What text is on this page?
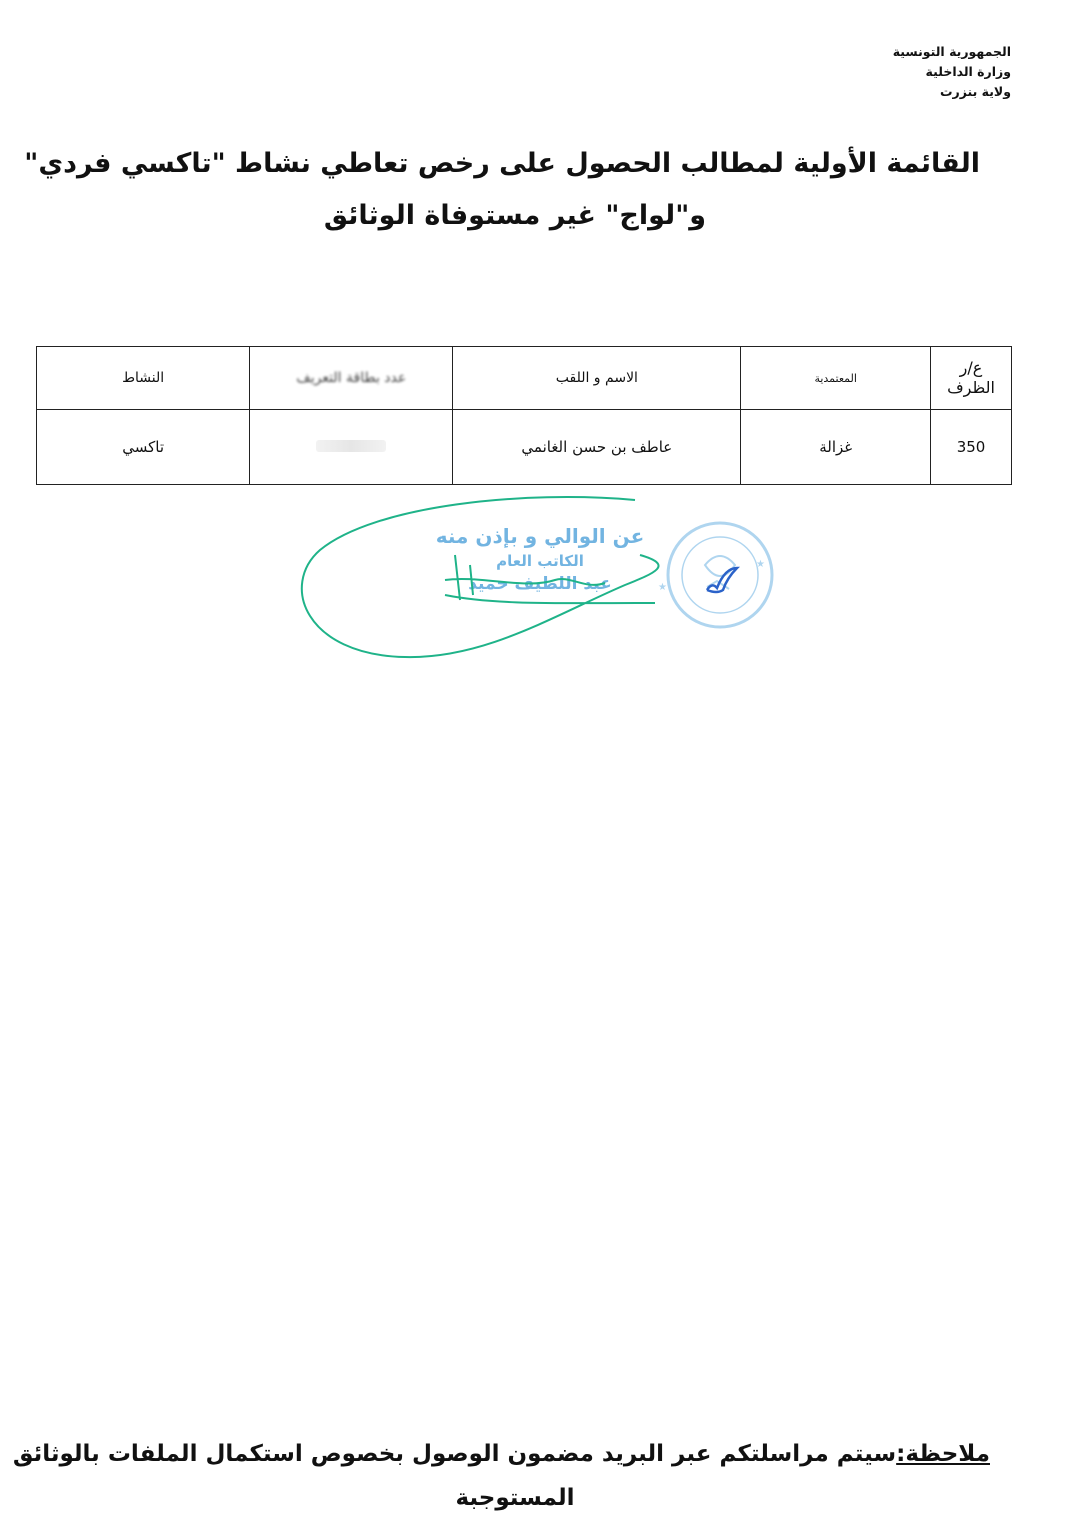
الجمهورية التونسية
وزارة الداخلية
ولاية بنزرت
القائمة الأولية لمطالب الحصول على رخص تعاطي نشاط "تاكسي فردي"
و"لواج" غير مستوفاة الوثائق
ع/ر
الظرف	المعتمدية	الاسم و اللقب	عدد بطاقة التعريف	النشاط
350	غزالة	عاطف بن حسن الغانمي		تاكسي
عن الوالي و بإذن منه
الكاتب العام
عبد اللطيف حميد
★
★
ملاحظة:سيتم مراسلتكم عبر البريد مضمون الوصول بخصوص استكمال الملفات بالوثائق
المستوجبة
